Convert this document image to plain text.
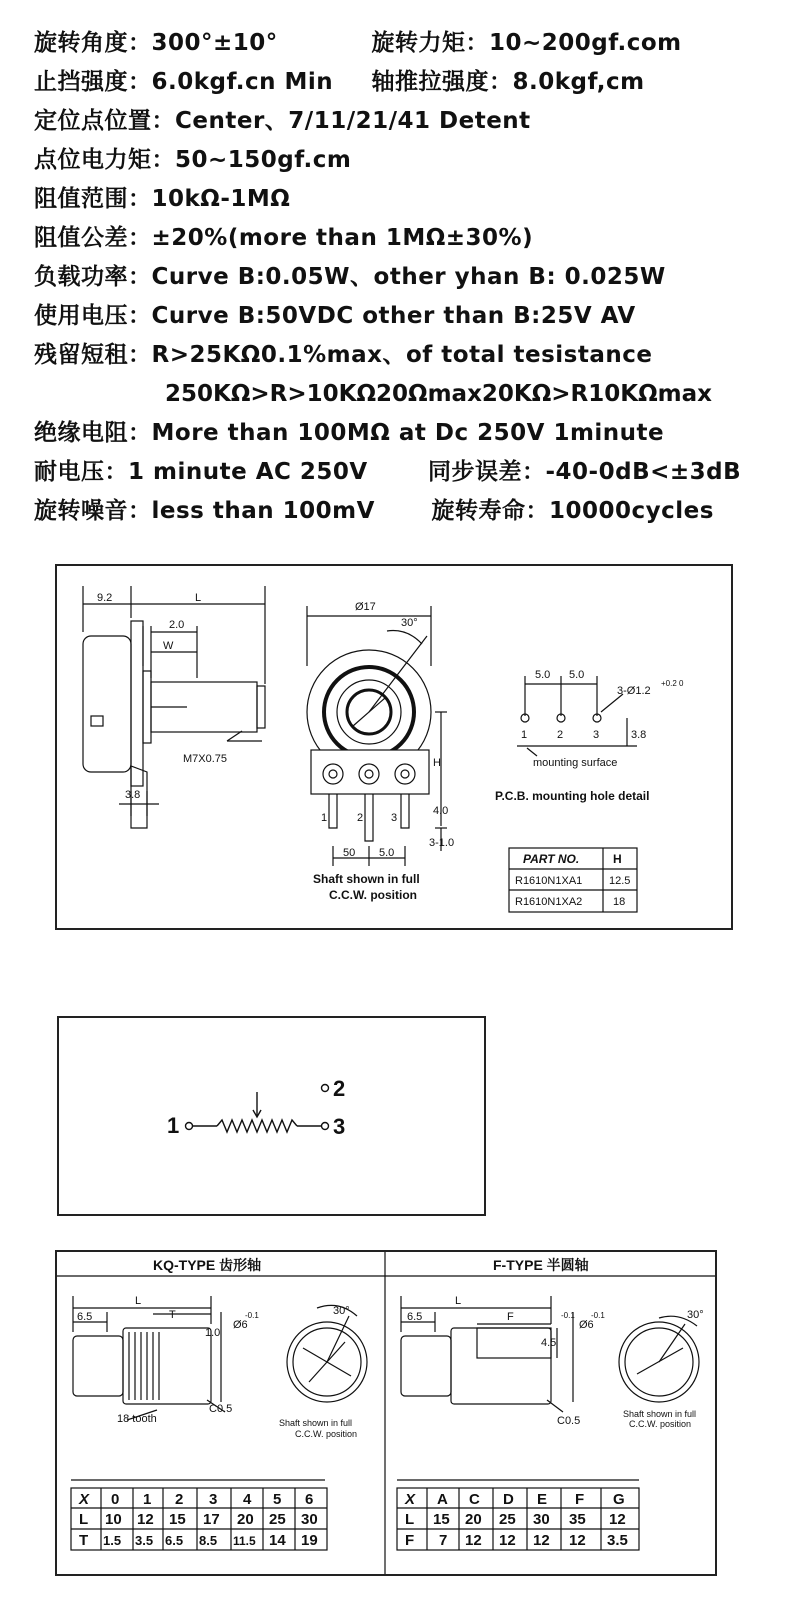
旋转角度：300°±10°	旋转力矩：10~200gf.com
止挡强度：6.0kgf.cn Min 轴推拉强度：8.0kgf,cm
定位点位置：Center、7/11/21/41 Detent
点位电力矩：50~150gf.cm
阻值范围：10kΩ-1MΩ
阻值公差：±20%(more than 1MΩ±30%)
负载功率：Curve B:0.05W、other yhan B: 0.025W
使用电压：Curve B:50VDC other than B:25V AV
残留短租：R>25KΩ0.1%max、of total tesistance
250KΩ>R>10KΩ20Ωmax20KΩ>R10KΩmax
绝缘电阻：More than 100MΩ at Dc 250V 1minute
耐电压：1 minute AC 250V	同步误差：-40-0dB<±3dB
旋转噪音：less than 100mV 旋转寿命：10000cycles
9.2	L
2.0
W
M7X0.75
3.8
Ø17
30°
H
4.0
3-1.0
1	2	3
50 5.0
Shaft shown in full
C.C.W. position
5.0 5.0
3-Ø1.2
+0.2 0
1	2	3	3.8
mounting surface
P.C.B. mounting hole detail
PART NO.	H
R1610N1XA1 12.5
R1610N1XA2	18
1
2
3
KQ-TYPE 齿形轴	F-TYPE 半圆轴
6.5
L
T
1.0
Ø6
-0.1
18 tooth
C0.5
30°
Shaft shown in full
C.C.W. position
X 0 1 2 3 4 5 6
L 10 12 15 17 20 25 30
T 1.5 3.5 6.5 8.5 11.5 14 19
6.5
L
F
4.5
-0.1
Ø6
-0.1
C0.5
30°
Shaft shown in full
C.C.W. position
X A C D E F G
L 15 20 25 30 35 12
F 7 12 12 12 12 3.5
